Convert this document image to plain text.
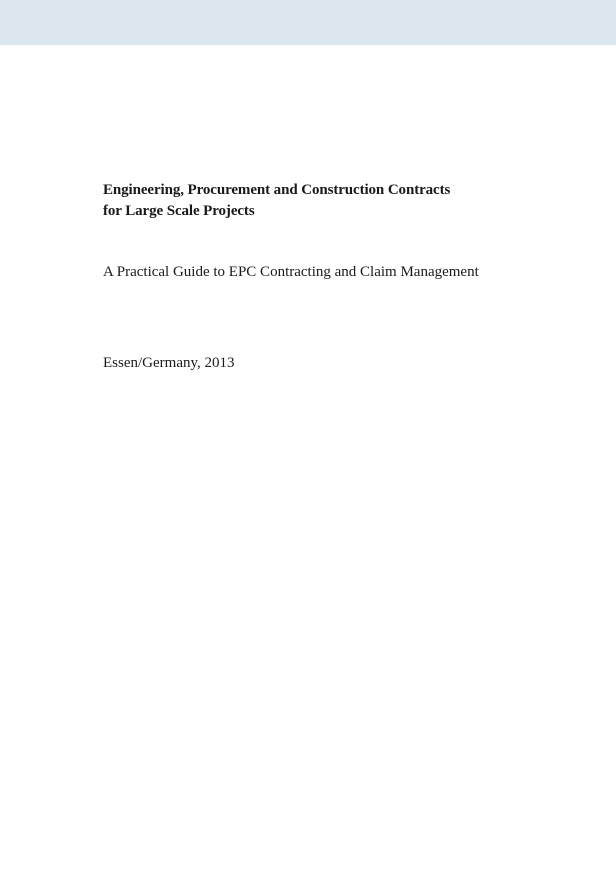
Engineering, Procurement and Construction Contracts
for Large Scale Projects

A Practical Guide to EPC Contracting and Claim Management

Essen/Germany, 2013
